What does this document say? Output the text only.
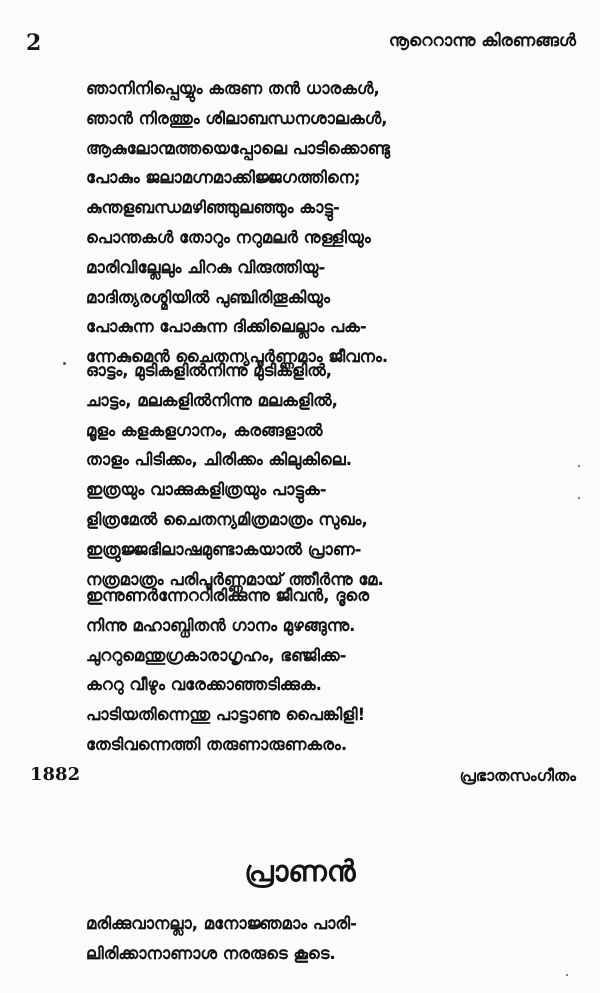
2	നൂറെറാന്നു കിരണങ്ങൾ
ഞാനിനിപ്പെയ്യും കരുണ തൻ ധാരകൾ,
ഞാൻ നിരത്തും ശിലാബന്ധനശാലകൾ,
ആകുലോന്മത്തയെപ്പോലെ പാടിക്കൊണ്ടു
പോകും ജലാമഗ്നമാക്കിജ്ജഗത്തിനെ;
കുന്തളബന്ധമഴിഞ്ഞുലഞ്ഞും കാട്ടു-
പൊന്തകൾ തോറും നറുമലർ നുള്ളിയും
മാരിവില്ലേലും ചിറകു വിരുത്തിയു-
മാദിത്യരശ്മിയിൽ പുഞ്ചിരിതൂകിയും
പോകുന്ന പോകുന്ന ദിക്കിലെല്ലാം പക-
ന്നേകുമെൻ ചൈതന്യപൂർണ്ണമാം ജീവനം.
ഓട്ടം, മുടികളിൽനിന്നു മുടികളിൽ,
ചാട്ടം, മലകളിൽനിന്നു മലകളിൽ,
മൂളം കളകളഗാനം, കരങ്ങളാൽ
താളം പിടിക്കം, ചിരിക്കം കിലുകിലെ.
ഇത്രയും വാക്കുകളിത്രയും പാട്ടുക-
ളിത്രമേൽ ചൈതന്യമിത്രമാത്രം സുഖം,
ഇത്രുജ്ജഭിലാഷമുണ്ടാകയാൽ പ്രാണ-
നത്രമാത്രം പരിപൂർണ്ണമായ് ത്തീർന്നു മേ.
ഇന്നുണർന്നേററിരിക്കുന്നു ജീവൻ, ദൂരെ
നിന്നു മഹാബ്ധിതൻ ഗാനം മുഴങ്ങുന്നു.
ചുററുമെന്തുഗ്രകാരാഗൃഹം, ഭഞ്ജിക്ക-
കററു വീഴും വരേക്കാഞ്ഞടിക്കുക.
പാടിയതിന്നെന്തു പാട്ടാണു പൈങ്കിളി!
തേടിവന്നെത്തി തരുണാരുണകരം.
1882	പ്രഭാതസംഗീതം
പ്രാണൻ
മരിക്കുവാനല്ലാ, മനോജ്ഞമാം പാരി-
ലിരിക്കാനാണാശ നരരുടെ കൂടെ.
